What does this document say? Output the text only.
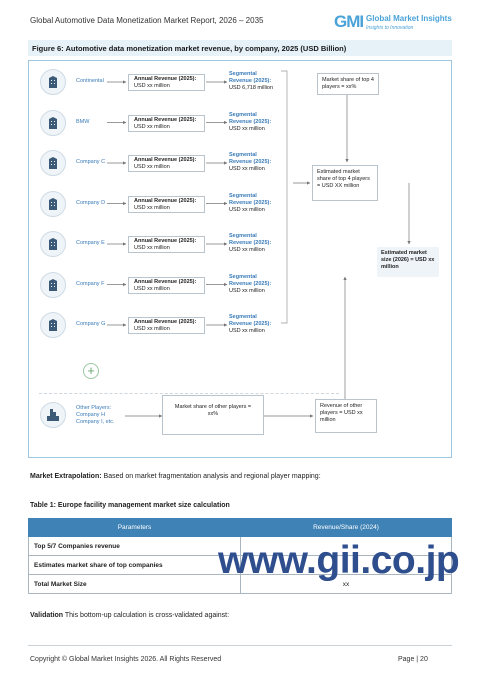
Global Automotive Data Monetization Market Report, 2026 – 2035	GMI Global Market Insights
Insights to Innovation
Figure 6: Automotive data monetization market revenue, by company, 2025 (USD Billion)
Continental	Annual Revenue (2025):
USD xx million
Segmental Revenue (2025):
USD 6,718 million
BMW	Annual Revenue (2025):
USD xx million
Segmental Revenue (2025):
USD xx million
Company C	Annual Revenue (2025):
USD xx million
Segmental Revenue (2025):
USD xx million
Company D	Annual Revenue (2025):
USD xx million
Segmental Revenue (2025):
USD xx million
Company E	Annual Revenue (2025):
USD xx million
Segmental Revenue (2025):
USD xx million
Company F	Annual Revenue (2025):
USD xx million
Segmental Revenue (2025):
USD xx million
Company G	Annual Revenue (2025):
USD xx million
Segmental Revenue (2025):
USD xx million
+
Other Players: Company H Company I, etc.
Market share of other players = xx%
Revenue of other players = USD xx million
Market share of top 4 players = xx%
Estimated market share of top 4 players = USD XX million
Estimated market size (2026) = USD xx million
Market Extrapolation: Based on market fragmentation analysis and regional player mapping:
Table 1: Europe facility management market size calculation
Parameters	Revenue/Share (2024)
Top 5/7 Companies revenue	
Estimates market share of top companies	
Total Market Size	xx
www.gii.co.jp
Validation This bottom-up calculation is cross-validated against:
Copyright © Global Market Insights 2026. All Rights Reserved	Page | 20
